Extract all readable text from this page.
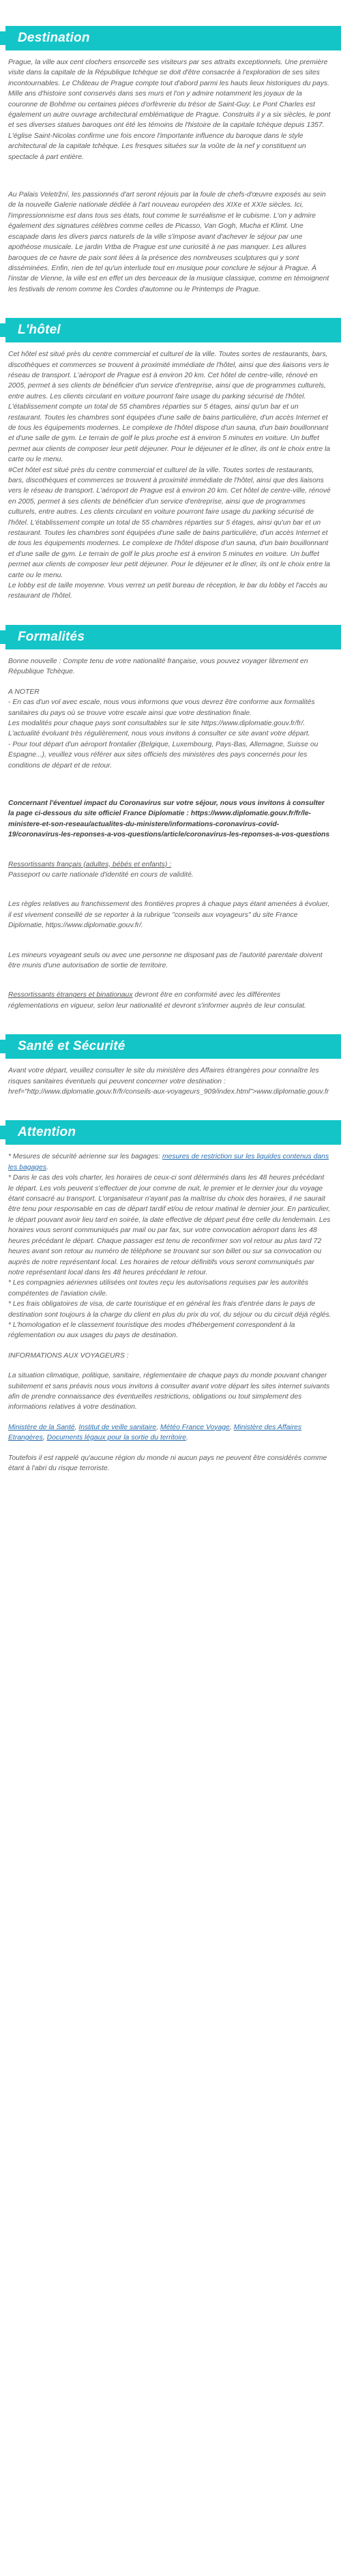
Destination

Prague, la ville aux cent clochers ensorcelle ses visiteurs par ses attraits exceptionnels. Une première visite dans la capitale de la République tchèque se doit d'être consacrée à l'exploration de ses sites incontournables. Le Château de Prague compte tout d'abord parmi les hauts lieux historiques du pays. Mille ans d'histoire sont conservés dans ses murs et l'on y admire notamment les joyaux de la couronne de Bohême ou certaines pièces d'orfèvrerie du trésor de Saint-Guy. Le Pont Charles est également un autre ouvrage architectural emblématique de Prague. Construits il y a six siècles, le pont et ses diverses statues baroques ont été les témoins de l'histoire de la capitale tchèque depuis 1357. L'église Saint-Nicolas confirme une fois encore l'importante influence du baroque dans le style architectural de la capitale tchèque. Les fresques situées sur la voûte de la nef y constituent un spectacle à part entière.

Au Palais Veletržní, les passionnés d'art seront réjouis par la foule de chefs-d'œuvre exposés au sein de la nouvelle Galerie nationale dédiée à l'art nouveau européen des XIXe et XXIe siècles. Ici, l'impressionnisme est dans tous ses états, tout comme le surréalisme et le cubisme. L'on y admire également des signatures célèbres comme celles de Picasso, Van Gogh, Mucha et Klimt. Une escapade dans les divers parcs naturels de la ville s'impose avant d'achever le séjour par une apothéose musicale. Le jardin Vrtba de Prague est une curiosité à ne pas manquer. Les allures baroques de ce havre de paix sont liées à la présence des nombreuses sculptures qui y sont disséminées. Enfin, rien de tel qu'un interlude tout en musique pour conclure le séjour à Prague. À l'instar de Vienne, la ville est en effet un des berceaux de la musique classique, comme en témoignent les festivals de renom comme les Cordes d'automne ou le Printemps de Prague.

L'hôtel

Cet hôtel est situé près du centre commercial et culturel de la ville. Toutes sortes de restaurants, bars, discothèques et commerces se trouvent à proximité immédiate de l'hôtel, ainsi que des liaisons vers le réseau de transport. L'aéroport de Prague est à environ 20 km. Cet hôtel de centre-ville, rénové en 2005, permet à ses clients de bénéficier d'un service d'entreprise, ainsi que de programmes culturels, entre autres. Les clients circulant en voiture pourront faire usage du parking sécurisé de l'hôtel. L'établissement compte un total de 55 chambres réparties sur 5 étages, ainsi qu'un bar et un restaurant. Toutes les chambres sont équipées d'une salle de bains particulière, d'un accès Internet et de tous les équipements modernes. Le complexe de l'hôtel dispose d'un sauna, d'un bain bouillonnant et d'une salle de gym. Le terrain de golf le plus proche est à environ 5 minutes en voiture. Un buffet permet aux clients de composer leur petit déjeuner. Pour le déjeuner et le dîner, ils ont le choix entre la carte ou le menu.

#Cet hôtel est situé près du centre commercial et culturel de la ville. Toutes sortes de restaurants, bars, discothèques et commerces se trouvent à proximité immédiate de l'hôtel, ainsi que des liaisons vers le réseau de transport. L'aéroport de Prague est à environ 20 km. Cet hôtel de centre-ville, rénové en 2005, permet à ses clients de bénéficier d'un service d'entreprise, ainsi que de programmes culturels, entre autres. Les clients circulant en voiture pourront faire usage du parking sécurisé de l'hôtel. L'établissement compte un total de 55 chambres réparties sur 5 étages, ainsi qu'un bar et un restaurant. Toutes les chambres sont équipées d'une salle de bains particulière, d'un accès Internet et de tous les équipements modernes. Le complexe de l'hôtel dispose d'un sauna, d'un bain bouillonnant et d'une salle de gym. Le terrain de golf le plus proche est à environ 5 minutes en voiture. Un buffet permet aux clients de composer leur petit déjeuner. Pour le déjeuner et le dîner, ils ont le choix entre la carte ou le menu.

Le lobby est de taille moyenne. Vous verrez un petit bureau de réception, le bar du lobby et l'accès au restaurant de l'hôtel.

Formalités

Bonne nouvelle : Compte tenu de votre nationalité française, vous pouvez voyager librement en République Tchèque.

A NOTER

- En cas d'un vol avec escale, nous vous informons que vous devrez être conforme aux formalités sanitaires du pays où se trouve votre escale ainsi que votre destination finale.

Les modalités pour chaque pays sont consultables sur le site https://www.diplomatie.gouv.fr/fr/. L'actualité évoluant très régulièrement, nous vous invitons à consulter ce site avant votre départ.

- Pour tout départ d'un aéroport frontalier (Belgique, Luxembourg, Pays-Bas, Allemagne, Suisse ou Espagne...), veuillez vous référer aux sites officiels des ministères des pays concernés pour les conditions de départ et de retour.

Concernant l'éventuel impact du Coronavirus sur votre séjour, nous vous invitons à consulter la page ci-dessous du site officiel France Diplomatie : https://www.diplomatie.gouv.fr/fr/le-ministere-et-son-reseau/actualites-du-ministere/informations-coronavirus-covid-19/coronavirus-les-reponses-a-vos-questions/article/coronavirus-les-reponses-a-vos-questions

Ressortissants français (adultes, bébés et enfants) :

Passeport ou carte nationale d'identité en cours de validité.

Les règles relatives au franchissement des frontières propres à chaque pays étant amenées à évoluer, il est vivement conseillé de se reporter à la rubrique "conseils aux voyageurs" du site France Diplomatie, https://www.diplomatie.gouv.fr/.

Les mineurs voyageant seuls ou avec une personne ne disposant pas de l'autorité parentale doivent être munis d'une autorisation de sortie de territoire.

Ressortissants étrangers et binationaux devront être en conformité avec les différentes réglementations en vigueur, selon leur nationalité et devront s'informer auprès de leur consulat.

Santé et Sécurité

Avant votre départ, veuillez consulter le site du ministère des Affaires étrangères pour connaître les risques sanitaires éventuels qui peuvent concerner votre destination : href="http://www.diplomatie.gouv.fr/fr/conseils-aux-voyageurs_909/index.html">www.diplomatie.gouv.fr

Attention

* Mesures de sécurité aérienne sur les bagages: mesures de restriction sur les liquides contenus dans les bagages.

* Dans le cas des vols charter, les horaires de ceux-ci sont déterminés dans les 48 heures précédant le départ. Les vols peuvent s'effectuer de jour comme de nuit, le premier et le dernier jour du voyage étant consacré au transport. L'organisateur n'ayant pas la maîtrise du choix des horaires, il ne saurait être tenu pour responsable en cas de départ tardif et/ou de retour matinal le dernier jour. En particulier, le départ pouvant avoir lieu tard en soirée, la date effective de départ peut être celle du lendemain. Les horaires vous seront communiqués par mail ou par fax, sur votre convocation aéroport dans les 48 heures précédant le départ. Chaque passager est tenu de reconfirmer son vol retour au plus tard 72 heures avant son retour au numéro de téléphone se trouvant sur son billet ou sur sa convocation ou auprès de notre représentant local. Les horaires de retour définitifs vous seront communiqués par notre représentant local dans les 48 heures précédant le retour.

* Les compagnies aériennes utilisées ont toutes reçu les autorisations requises par les autorités compétentes de l'aviation civile.

* Les frais obligatoires de visa, de carte touristique et en général les frais d'entrée dans le pays de destination sont toujours à la charge du client en plus du prix du vol, du séjour ou du circuit déjà réglés.

* L'homologation et le classement touristique des modes d'hébergement correspondent à la réglementation ou aux usages du pays de destination.

INFORMATIONS AUX VOYAGEURS :

La situation climatique, politique, sanitaire, réglementaire de chaque pays du monde pouvant changer subitement et sans préavis nous vous invitons à consulter avant votre départ les sites internet suivants afin de prendre connaissance des éventuelles restrictions, obligations ou tout simplement des informations relatives à votre destination.

Ministère de la Santé, Institut de veille sanitaire, Météo France Voyage, Ministère des Affaires Etrangères, Documents légaux pour la sortie du territoire.

Toutefois il est rappelé qu'aucune région du monde ni aucun pays ne peuvent être considérés comme étant à l'abri du risque terroriste.
